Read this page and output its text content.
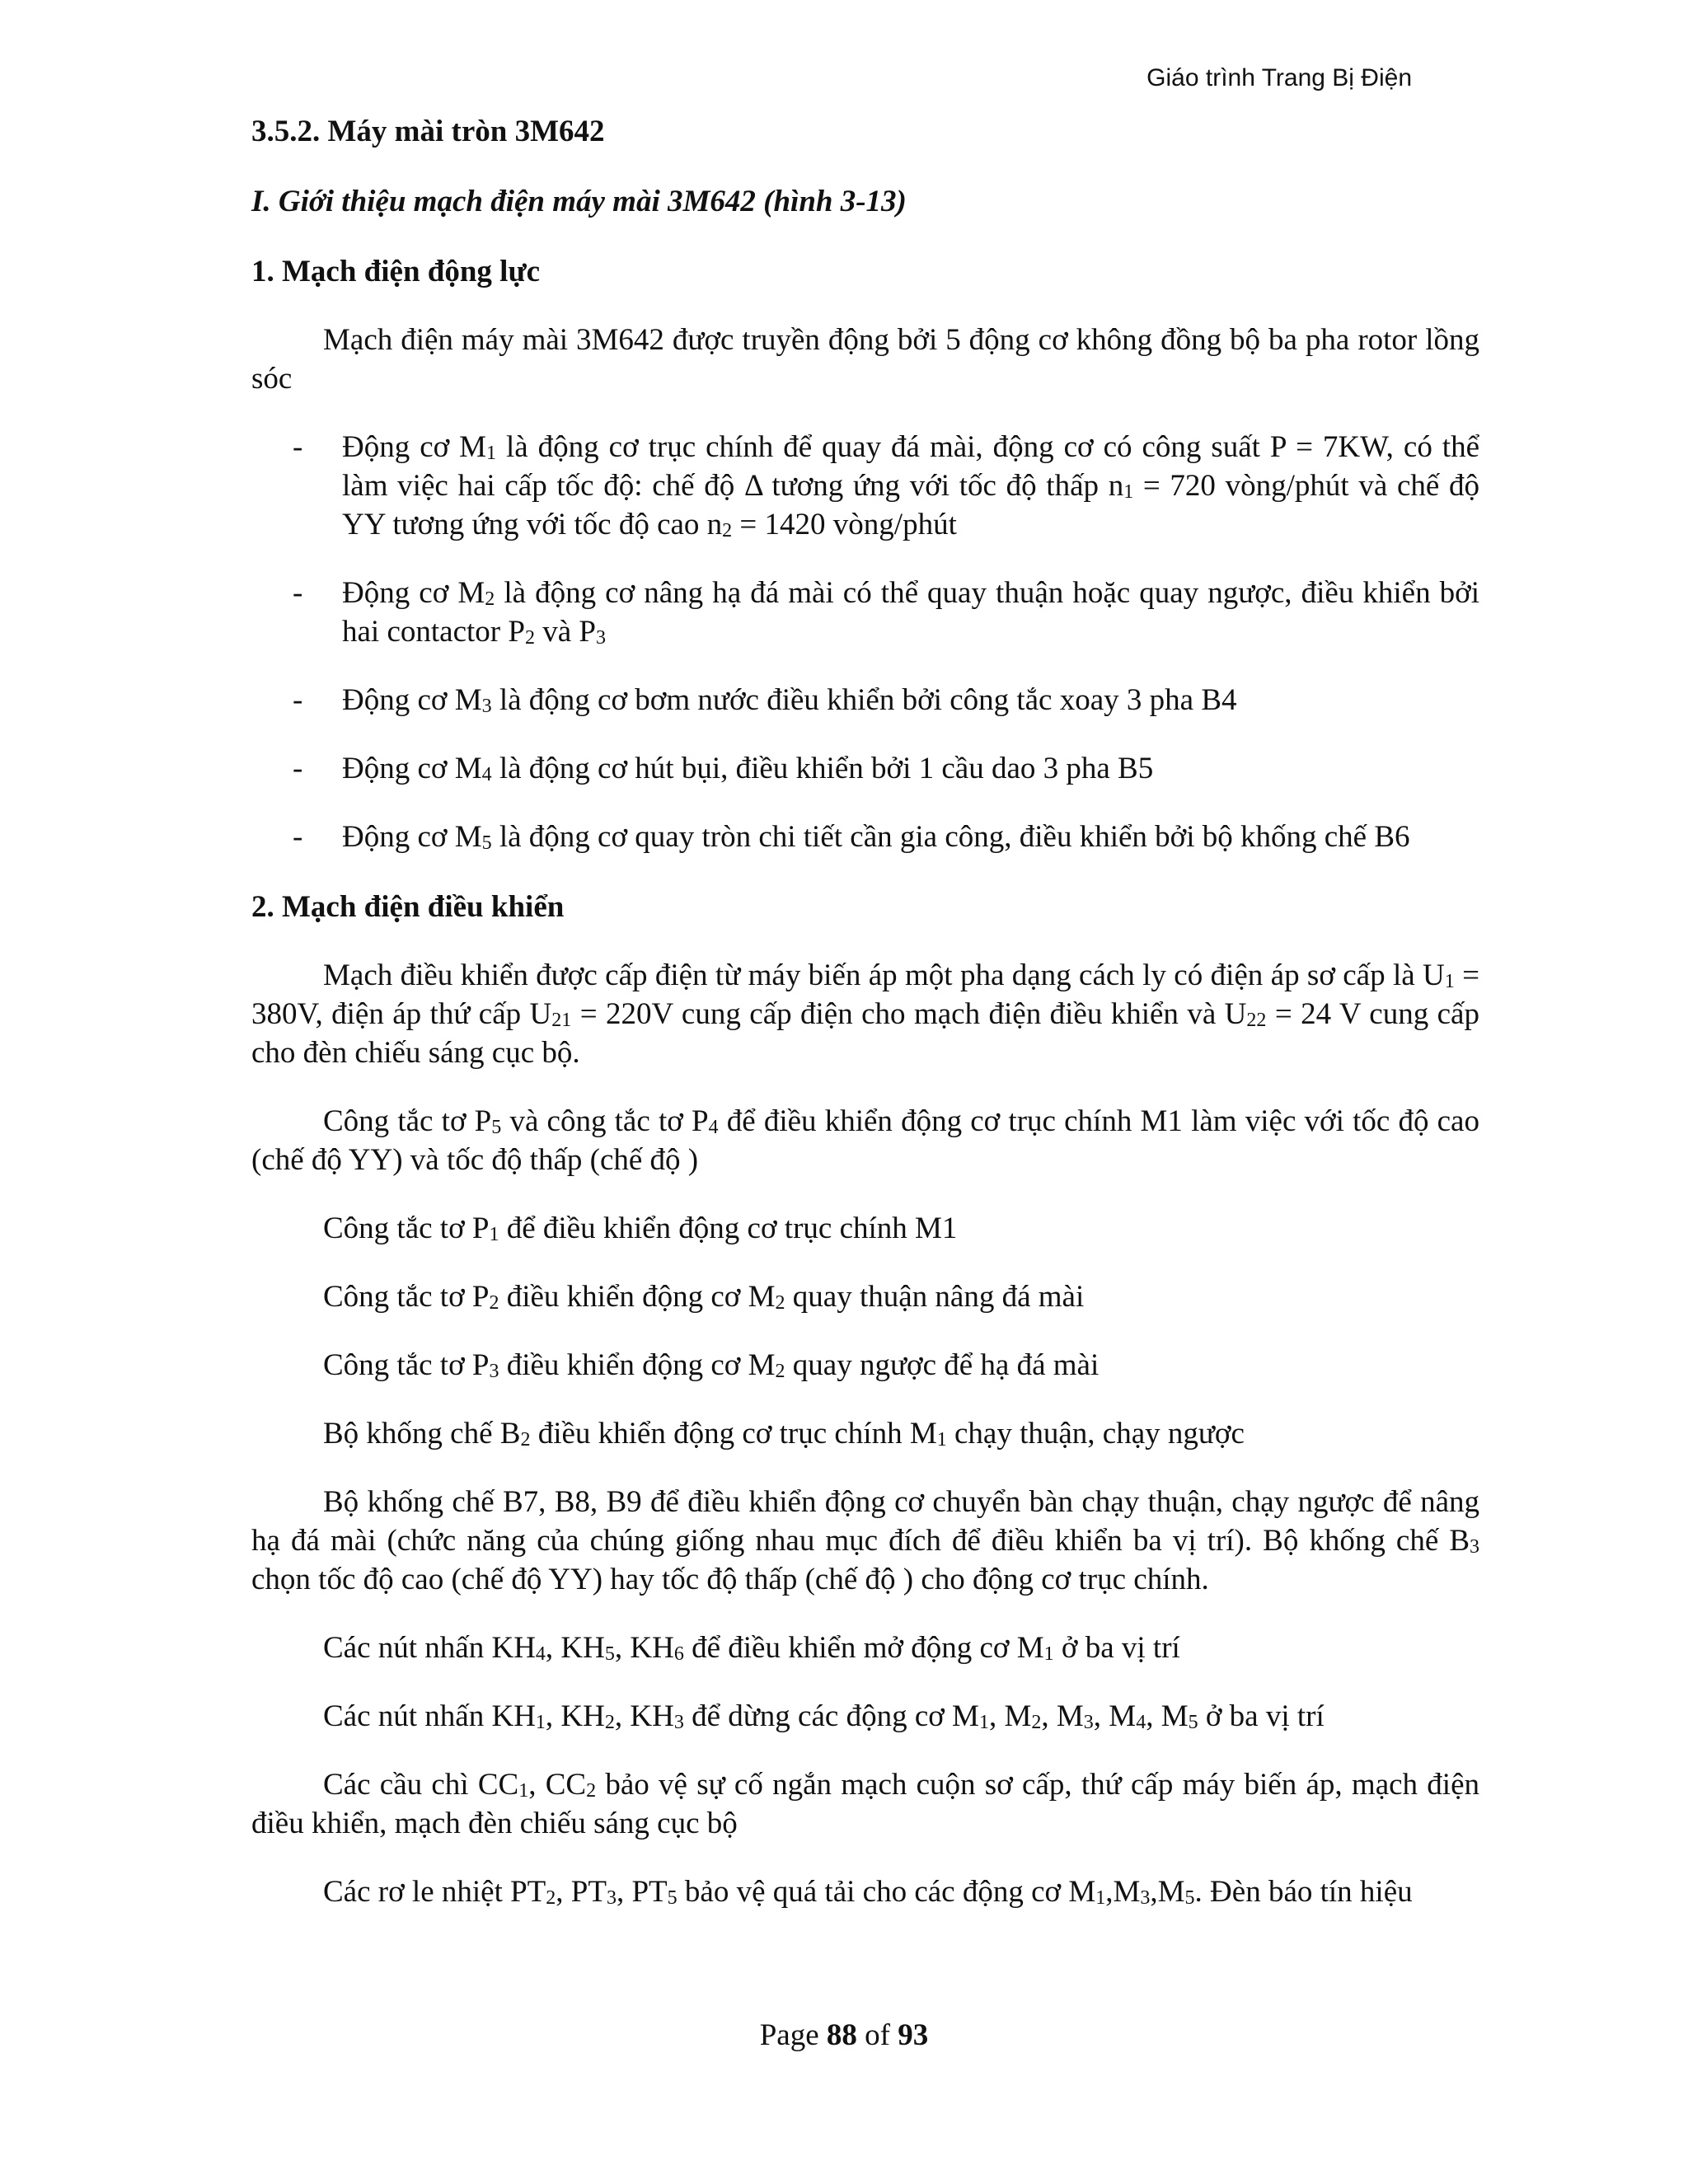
Giáo trình Trang Bị Điện

3.5.2. Máy mài tròn 3M642

I. Giới thiệu mạch điện máy mài 3M642 (hình 3-13)

1. Mạch điện động lực

Mạch điện máy mài 3M642 được truyền động bởi 5 động cơ không đồng bộ ba pha rotor lồng sóc

- Động cơ $M_1$ là động cơ trục chính để quay đá mài, động cơ có công suất P = 7KW, có thể làm việc hai cấp tốc độ: chế độ Δ tương ứng với tốc độ thấp $n_1 = 720$ vòng/phút và chế độ YY tương ứng với tốc độ cao $n_2 = 1420$ vòng/phút
- Động cơ $M_2$ là động cơ nâng hạ đá mài có thể quay thuận hoặc quay ngược, điều khiển bởi hai contactor $P_2$ và $P_3$
- Động cơ $M_3$ là động cơ bơm nước điều khiển bởi công tắc xoay 3 pha B4
- Động cơ $M_4$ là động cơ hút bụi, điều khiển bởi 1 cầu dao 3 pha B5
- Động cơ $M_5$ là động cơ quay tròn chi tiết cần gia công, điều khiển bởi bộ khống chế B6

2. Mạch điện điều khiển

Mạch điều khiển được cấp điện từ máy biến áp một pha dạng cách ly có điện áp sơ cấp là $U_1 = 380V$, điện áp thứ cấp $U_{21} = 220V$ cung cấp điện cho mạch điện điều khiển và $U_{22} = 24$ V cung cấp cho đèn chiếu sáng cục bộ.

Công tắc tơ $P_5$ và công tắc tơ $P_4$ để điều khiển động cơ trục chính M1 làm việc với tốc độ cao (chế độ YY) và tốc độ thấp (chế độ )

Công tắc tơ $P_1$ để điều khiển động cơ trục chính M1

Công tắc tơ $P_2$ điều khiển động cơ $M_2$ quay thuận nâng đá mài

Công tắc tơ $P_3$ điều khiển động cơ $M_2$ quay ngược để hạ đá mài

Bộ khống chế $B_2$ điều khiển động cơ trục chính $M_1$ chạy thuận, chạy ngược

Bộ khống chế B7, B8, B9 để điều khiển động cơ chuyển bàn chạy thuận, chạy ngược để nâng hạ đá mài (chức năng của chúng giống nhau mục đích để điều khiển ba vị trí). Bộ khống chế $B_3$ chọn tốc độ cao (chế độ YY) hay tốc độ thấp (chế độ ) cho động cơ trục chính.

Các nút nhấn $KH_4$, $KH_5$, $KH_6$ để điều khiển mở động cơ $M_1$ ở ba vị trí

Các nút nhấn $KH_1$, $KH_2$, $KH_3$ để dừng các động cơ $M_1$, $M_2$, $M_3$, $M_4$, $M_5$ ở ba vị trí

Các cầu chì $CC_1$, $CC_2$ bảo vệ sự cố ngắn mạch cuộn sơ cấp, thứ cấp máy biến áp, mạch điện điều khiển, mạch đèn chiếu sáng cục bộ

Các rơ le nhiệt $PT_2$, $PT_3$, $PT_5$ bảo vệ quá tải cho các động cơ $M_1,M_3,M_5$. Đèn báo tín hiệu

Page 88 of 93
